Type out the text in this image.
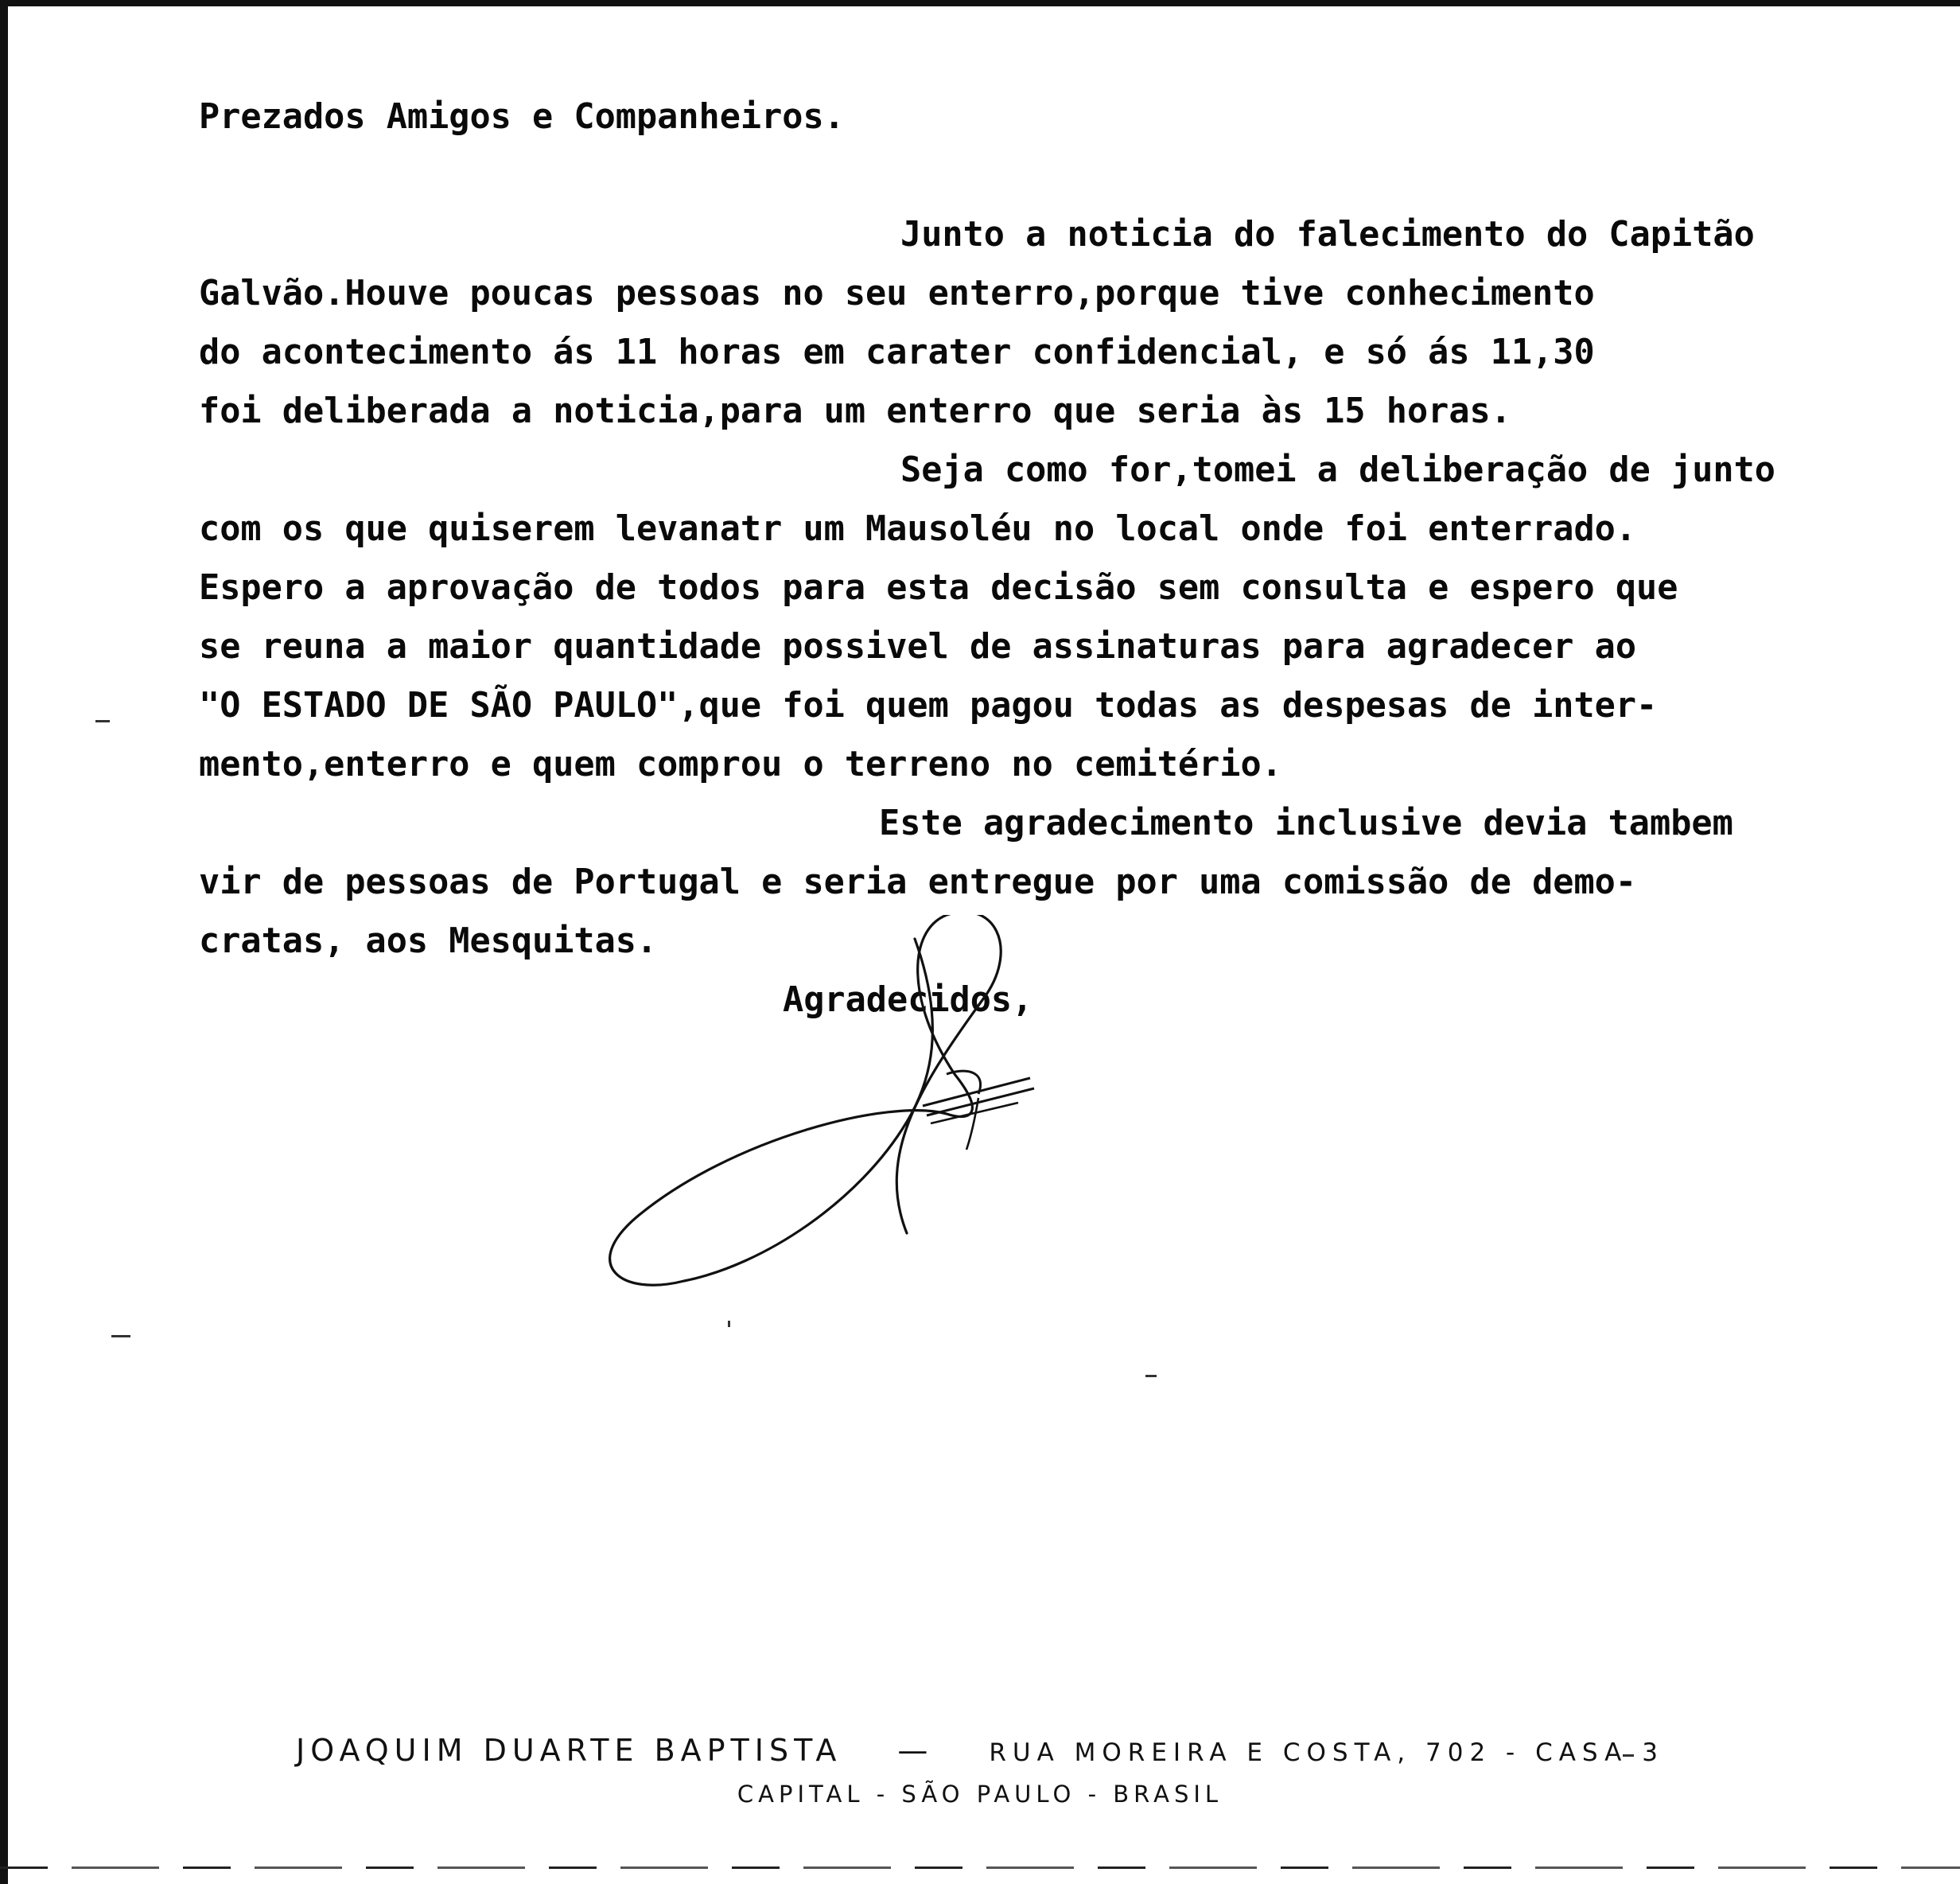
Prezados Amigos e Companheiros.
Junto a noticia do falecimento do Capitão
Galvão.Houve poucas pessoas no seu enterro,porque tive conhecimento
do acontecimento ás 11 horas em carater confidencial, e só ás 11,30
foi deliberada a noticia,para um enterro que seria às 15 horas.
Seja como for,tomei a deliberação de junto
com os que quiserem levanatr um Mausoléu no local onde foi enterrado.
Espero a aprovação de todos para esta decisão sem consulta e espero que
se reuna a maior quantidade possivel de assinaturas para agradecer ao
"O ESTADO DE SÃO PAULO",que foi quem pagou todas as despesas de inter-
mento,enterro e quem comprou o terreno no cemitério.
Este agradecimento inclusive devia tambem
vir de pessoas de Portugal e seria entregue por uma comissão de demo-
cratas, aos Mesquitas.
Agradecidos,
JOAQUIM DUARTE BAPTISTA — RUA MOREIRA E COSTA, 702 - CASA 3
CAPITAL - SÃO PAULO - BRASIL
